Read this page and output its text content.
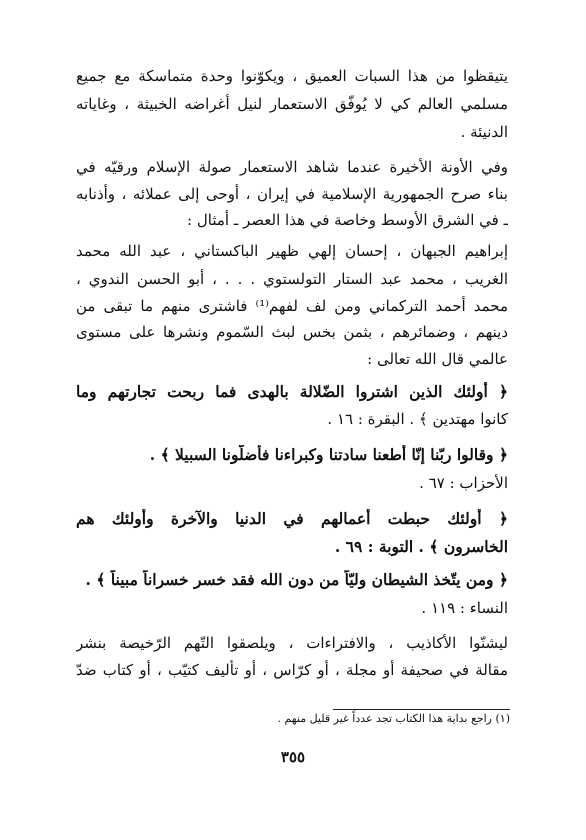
يتيقظوا من هذا السبات العميق ، ويكوّنوا وحدة متماسكة مع جميع
مسلمي العالم كي لا يُوفّق الاستعمار لنيل أغراضه الخبيثة ، وغاياته
الدنيئة .
وفي الأونة الأخيرة عندما شاهد الاستعمار صولة الإسلام ورقيّه في
بناء صرح الجمهورية الإسلامية في إيران ، أوحى إلى عملائه ، وأذنابه
ـ في الشرق الأوسط وخاصة في هذا العصر ـ أمثال :
إبراهيم الجبهان ، إحسان إلهي ظهير الباكستاني ، عبد الله محمد
الغريب ، محمد عبد الستار التولستوي . . . ، أبو الحسن الندوي ،
محمد أحمد التركماني ومن لف لفهم⁽¹⁾ فاشترى منهم ما تبقى من
دينهم ، وضمائرهم ، بثمن بخس لبث السّموم ونشرها على مستوى
عالمي قال الله تعالى :
﴿ أولئك الذين اشتروا الضّلالة بالهدى فما ربحت تجارتهم وما
كانوا مهتدين ﴾ . البقرة : ١٦ .
﴿ وقالوا ربّنا إنّا أطعنا سادتنا وكبراءنا فأضلّونا السبيلا ﴾ .
الأحزاب : ٦٧ .
﴿ أولئك حبطت أعمالهم في الدنيا والآخرة وأولئك هم
الخاسرون ﴾ . التوبة : ٦٩ .
﴿ ومن يتّخذ الشيطان وليّاً من دون الله فقد خسر خسراناً مبيناً ﴾ .
النساء : ١١٩ .
ليشنّوا الأكاذيب ، والافتراءات ، ويلصقوا التّهم الرّخيصة بنشر
مقالة في صحيفة أو مجلة ، أو كرّاس ، أو تأليف كتيّب ، أو كتاب ضدّ
(١) راجع بداية هذا الكتاب تجد عدداً غير قليل منهم .
٣٥٥
